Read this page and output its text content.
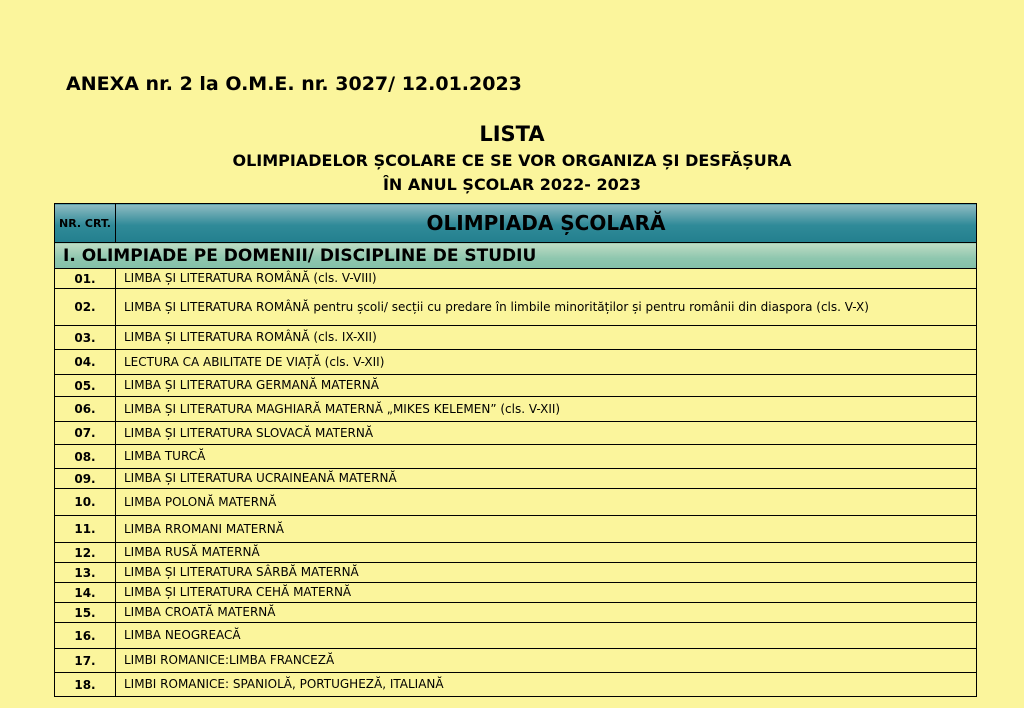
ANEXA nr. 2 la O.M.E. nr. 3027/ 12.01.2023
LISTA
OLIMPIADELOR ȘCOLARE CE SE VOR ORGANIZA ȘI DESFĂȘURA
ÎN ANUL ȘCOLAR 2022- 2023
NR. CRT.	OLIMPIADA ȘCOLARĂ
I. OLIMPIADE PE DOMENII/ DISCIPLINE DE STUDIU	
01.	LIMBA ȘI LITERATURA ROMÂNĂ (cls. V-VIII)
02.	LIMBA ȘI LITERATURA ROMÂNĂ pentru școli/ secții cu predare în limbile minorităților și pentru românii din diaspora (cls. V-X)
03.	LIMBA ȘI LITERATURA ROMÂNĂ (cls. IX-XII)
04.	LECTURA CA ABILITATE DE VIAȚĂ (cls. V-XII)
05.	LIMBA ȘI LITERATURA GERMANĂ MATERNĂ
06.	LIMBA ȘI LITERATURA MAGHIARĂ MATERNĂ „MIKES KELEMEN” (cls. V-XII)
07.	LIMBA ȘI LITERATURA SLOVACĂ MATERNĂ
08.	LIMBA TURCĂ
09.	LIMBA ȘI LITERATURA UCRAINEANĂ MATERNĂ
10.	LIMBA POLONĂ MATERNĂ
11.	LIMBA RROMANI MATERNĂ
12.	LIMBA RUSĂ MATERNĂ
13.	LIMBA ȘI LITERATURA SÂRBĂ MATERNĂ
14.	LIMBA ȘI LITERATURA CEHĂ MATERNĂ
15.	LIMBA CROATĂ MATERNĂ
16.	LIMBA NEOGREACĂ
17.	LIMBI ROMANICE:LIMBA FRANCEZĂ
18.	LIMBI ROMANICE: SPANIOLĂ, PORTUGHEZĂ, ITALIANĂ
